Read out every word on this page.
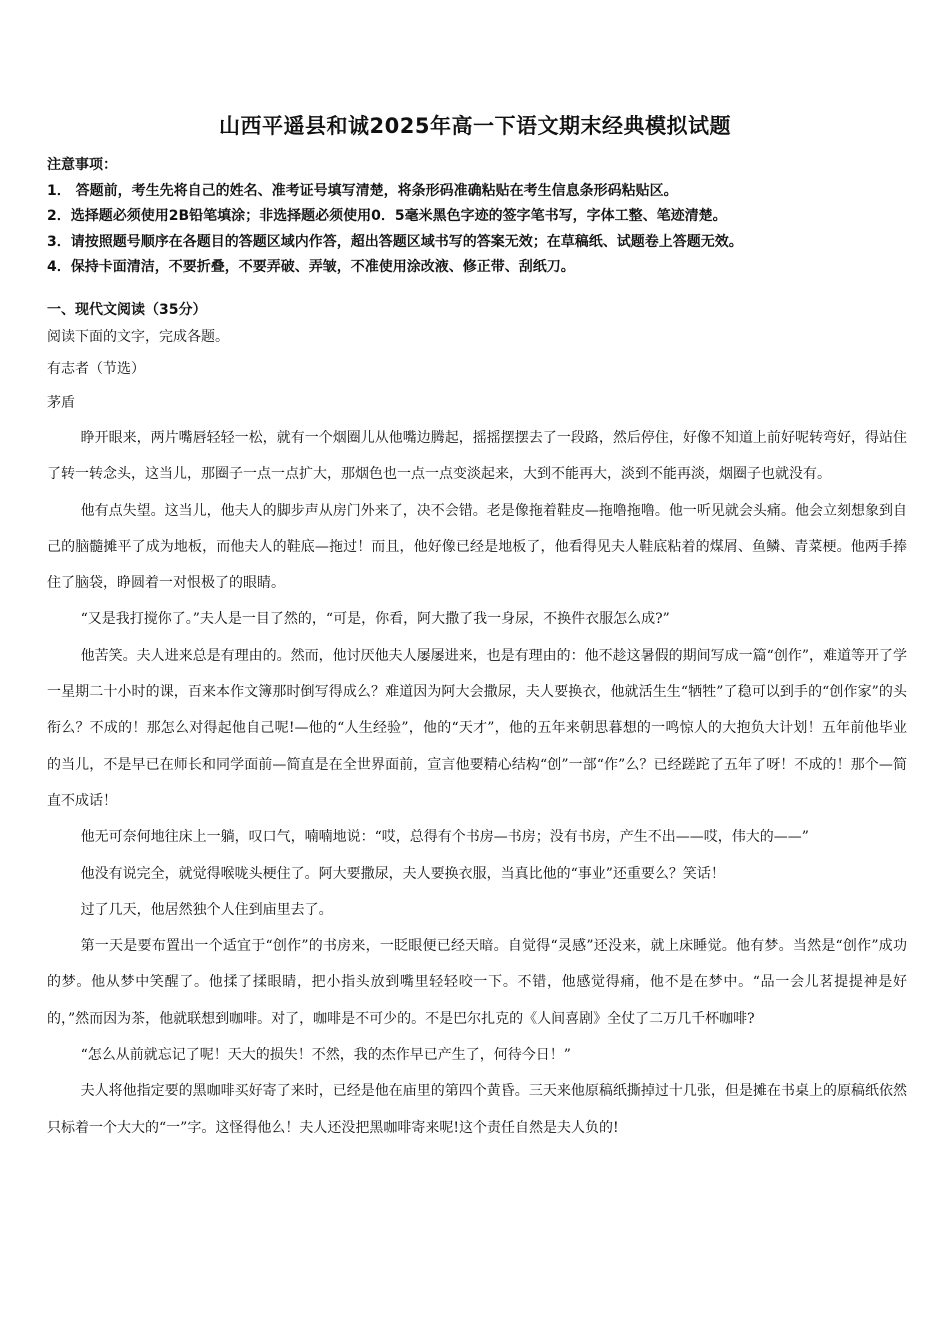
山西平遥县和诚2025年高一下语文期末经典模拟试题
注意事项：
1． 答题前，考生先将自己的姓名、准考证号填写清楚，将条形码准确粘贴在考生信息条形码粘贴区。
2．选择题必须使用2B铅笔填涂；非选择题必须使用0．5毫米黑色字迹的签字笔书写，字体工整、笔迹清楚。
3．请按照题号顺序在各题目的答题区域内作答，超出答题区域书写的答案无效；在草稿纸、试题卷上答题无效。
4．保持卡面清洁，不要折叠，不要弄破、弄皱，不准使用涂改液、修正带、刮纸刀。
一、现代文阅读（35分）
阅读下面的文字，完成各题。
有志者（节选）
茅盾

睁开眼来，两片嘴唇轻轻一松，就有一个烟圈儿从他嘴边腾起，摇摇摆摆去了一段路，然后停住，好像不知道上前好呢转弯好，得站住了转一转念头，这当儿，那圈子一点一点扩大，那烟色也一点一点变淡起来，大到不能再大，淡到不能再淡，烟圈子也就没有。

他有点失望。这当儿，他夫人的脚步声从房门外来了，决不会错。老是像拖着鞋皮—拖噜拖噜。他一听见就会头痛。他会立刻想象到自己的脑髓摊平了成为地板，而他夫人的鞋底—拖过！而且，他好像已经是地板了，他看得见夫人鞋底粘着的煤屑、鱼鳞、青菜梗。他两手捧住了脑袋，睁圆着一对恨极了的眼睛。

“又是我打搅你了。”夫人是一目了然的，“可是，你看，阿大撒了我一身尿，不换件衣服怎么成?”

他苦笑。夫人进来总是有理由的。然而，他讨厌他夫人屡屡进来，也是有理由的：他不趁这暑假的期间写成一篇“创作”，难道等开了学一星期二十小时的课，百来本作文簿那时倒写得成么？难道因为阿大会撒尿，夫人要换衣，他就活生生“牺牲”了稳可以到手的“创作家”的头衔么？不成的！那怎么对得起他自己呢!—他的“人生经验”，他的“天才”，他的五年来朝思暮想的一鸣惊人的大抱负大计划！五年前他毕业的当儿，不是早已在师长和同学面前—简直是在全世界面前，宣言他要精心结构“创”一部“作”么？已经蹉跎了五年了呀！不成的！那个—简直不成话！

他无可奈何地往床上一躺，叹口气，喃喃地说：“哎，总得有个书房—书房；没有书房，产生不出——哎，伟大的——”

他没有说完全，就觉得喉咙头梗住了。阿大要撒尿，夫人要换衣服，当真比他的“事业”还重要么？笑话！

过了几天，他居然独个人住到庙里去了。

第一天是要布置出一个适宜于“创作”的书房来，一眨眼便已经天暗。自觉得“灵感”还没来，就上床睡觉。他有梦。当然是“创作”成功的梦。他从梦中笑醒了。他揉了揉眼睛，把小指头放到嘴里轻轻咬一下。不错，他感觉得痛，他不是在梦中。“品一会儿茗提提神是好的，”然而因为茶，他就联想到咖啡。对了，咖啡是不可少的。不是巴尔扎克的《人间喜剧》全仗了二万几千杯咖啡?

“怎么从前就忘记了呢！天大的损失！不然，我的杰作早已产生了，何待今日！”

夫人将他指定要的黑咖啡买好寄了来时，已经是他在庙里的第四个黄昏。三天来他原稿纸撕掉过十几张，但是摊在书桌上的原稿纸依然只标着一个大大的“一”字。这怪得他么！夫人还没把黑咖啡寄来呢!这个责任自然是夫人负的!
